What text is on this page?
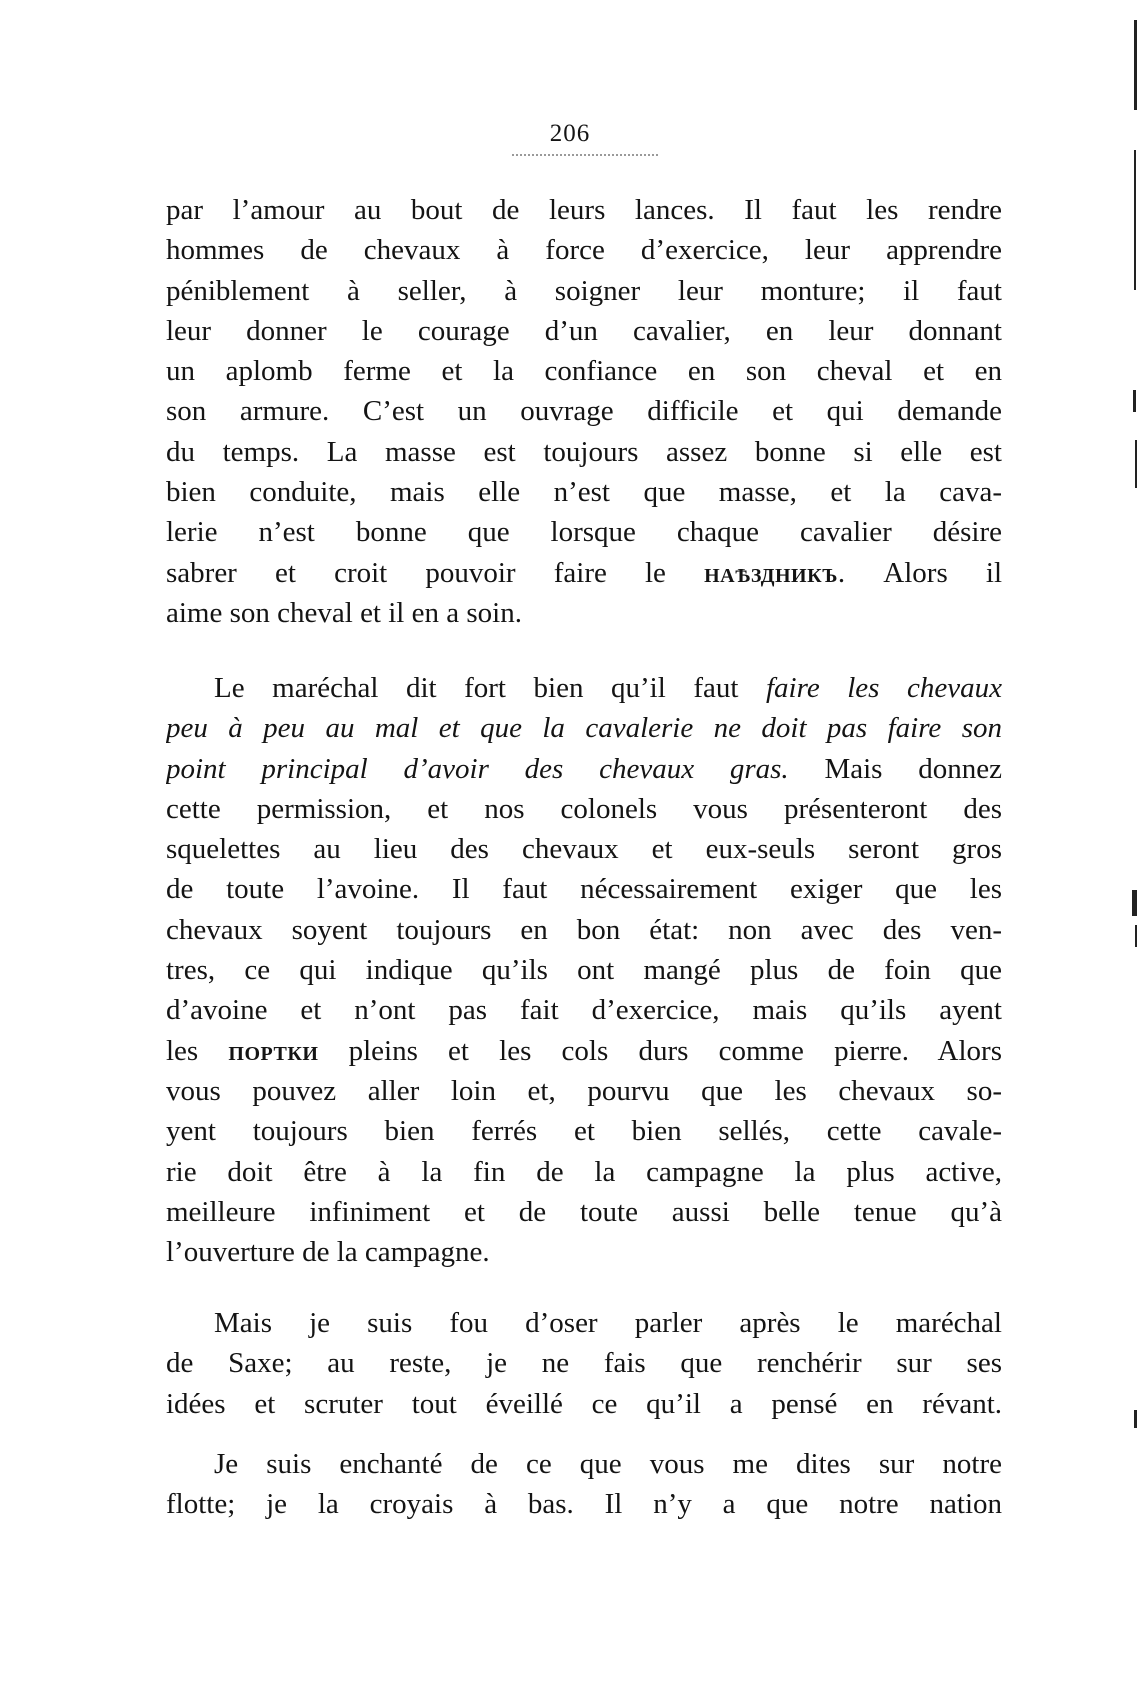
206
par l’amour au bout de leurs lances. Il faut les rendre
hommes de chevaux à force d’exercice, leur apprendre
péniblement à seller, à soigner leur monture; il faut
leur donner le courage d’un cavalier, en leur donnant
un aplomb ferme et la confiance en son cheval et en
son armure. C’est un ouvrage difficile et qui demande
du temps. La masse est toujours assez bonne si elle est
bien conduite, mais elle n’est que masse, et la cava-
lerie n’est bonne que lorsque chaque cavalier désire
sabrer et croit pouvoir faire le наѣздникъ. Alors il
aime son cheval et il en a soin.
Le maréchal dit fort bien qu’il faut faire les chevaux
peu à peu au mal et que la cavalerie ne doit pas faire son
point principal d’avoir des chevaux gras. Mais donnez
cette permission, et nos colonels vous présenteront des
squelettes au lieu des chevaux et eux-seuls seront gros
de toute l’avoine. Il faut nécessairement exiger que les
chevaux soyent toujours en bon état: non avec des ven-
tres, ce qui indique qu’ils ont mangé plus de foin que
d’avoine et n’ont pas fait d’exercice, mais qu’ils ayent
les портки pleins et les cols durs comme pierre. Alors
vous pouvez aller loin et, pourvu que les chevaux so-
yent toujours bien ferrés et bien sellés, cette cavale-
rie doit être à la fin de la campagne la plus active,
meilleure infiniment et de toute aussi belle tenue qu’à
l’ouverture de la campagne.
Mais je suis fou d’oser parler après le maréchal
de Saxe; au reste, je ne fais que renchérir sur ses
idées et scruter tout éveillé ce qu’il a pensé en révant.
Je suis enchanté de ce que vous me dites sur notre
flotte; je la croyais à bas. Il n’y a que notre nation
